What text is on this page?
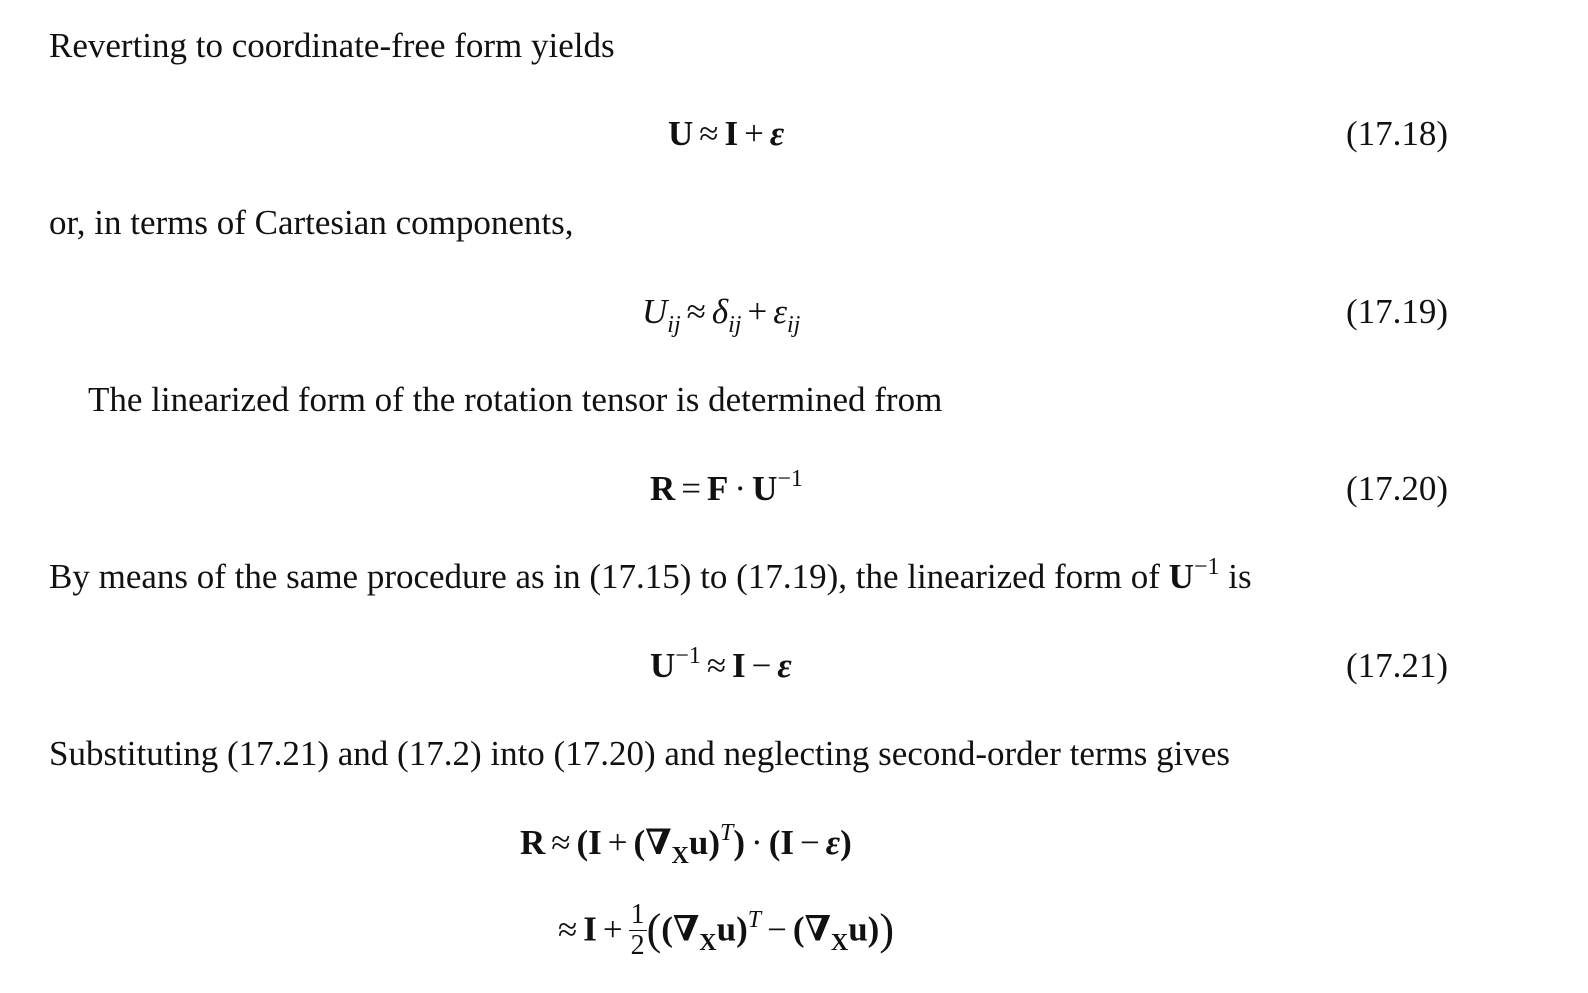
Reverting to coordinate-free form yields
U ≈ I + ε	(17.18)
or, in terms of Cartesian components,
$U_{ij} \approx \delta_{ij} + \varepsilon_{ij}$	(17.19)
The linearized form of the rotation tensor is determined from
$R = F \cdot U^{-1}$	(17.20)
By means of the same procedure as in (17.15) to (17.19), the linearized form of $U^{-1}$ is
$U^{-1} \approx I - \varepsilon$	(17.21)
Substituting (17.21) and (17.2) into (17.20) and neglecting second-order terms gives
$R \approx (I + (\nabla_Xu)^T) \cdot (I - \varepsilon)$
≈ $I + \frac{1}{2} ((\nabla_Xu)^T - (\nabla_Xu))$
